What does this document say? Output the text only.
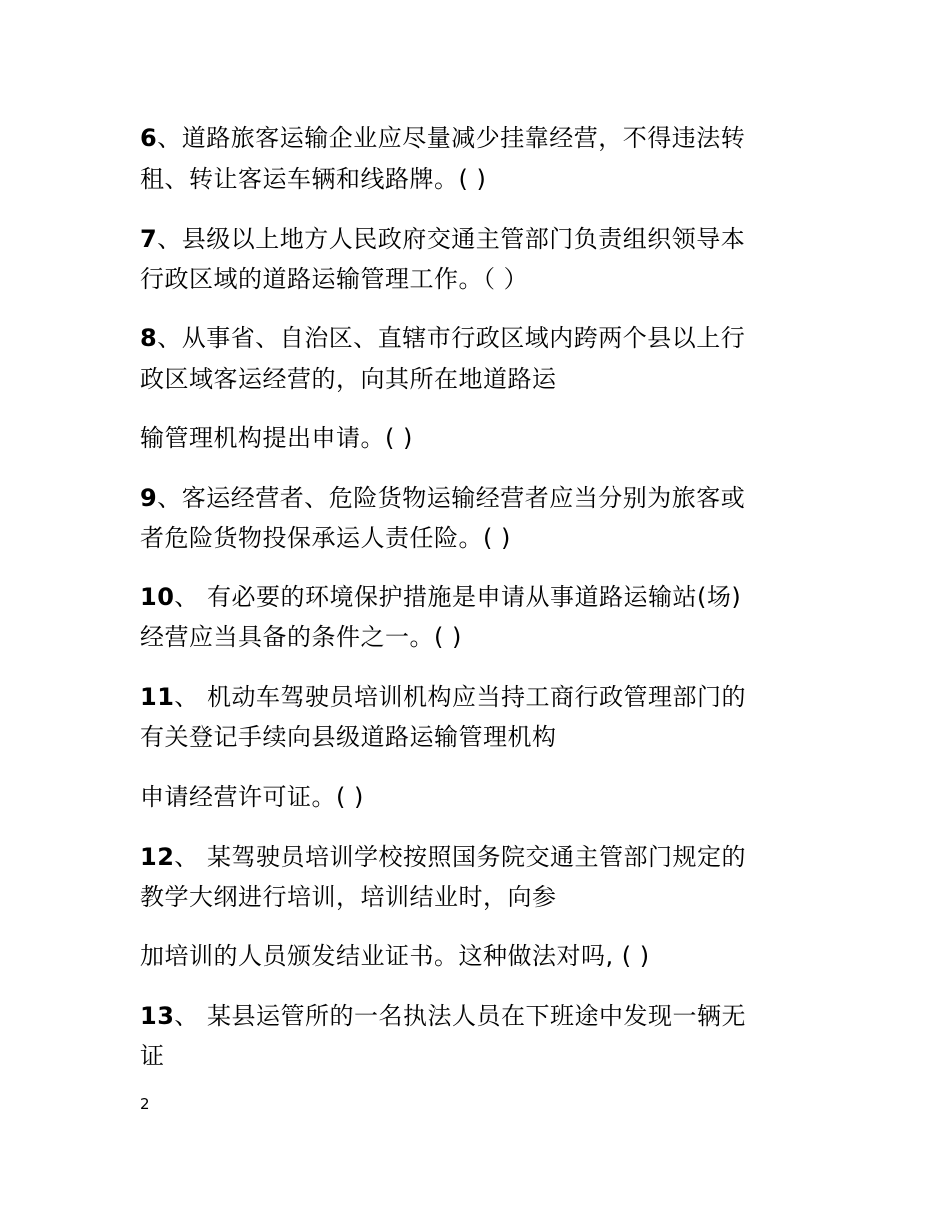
6、道路旅客运输企业应尽量减少挂靠经营，不得违法转
租、转让客运车辆和线路牌。( )
7、县级以上地方人民政府交通主管部门负责组织领导本
行政区域的道路运输管理工作。（ ）
8、从事省、自治区、直辖市行政区域内跨两个县以上行
政区域客运经营的，向其所在地道路运
输管理机构提出申请。( )
9、客运经营者、危险货物运输经营者应当分别为旅客或
者危险货物投保承运人责任险。( )
10、 有必要的环境保护措施是申请从事道路运输站(场)
经营应当具备的条件之一。( )
11、 机动车驾驶员培训机构应当持工商行政管理部门的
有关登记手续向县级道路运输管理机构
申请经营许可证。( )
12、 某驾驶员培训学校按照国务院交通主管部门规定的
教学大纲进行培训，培训结业时，向参
加培训的人员颁发结业证书。这种做法对吗, ( )
13、 某县运管所的一名执法人员在下班途中发现一辆无
证
2
